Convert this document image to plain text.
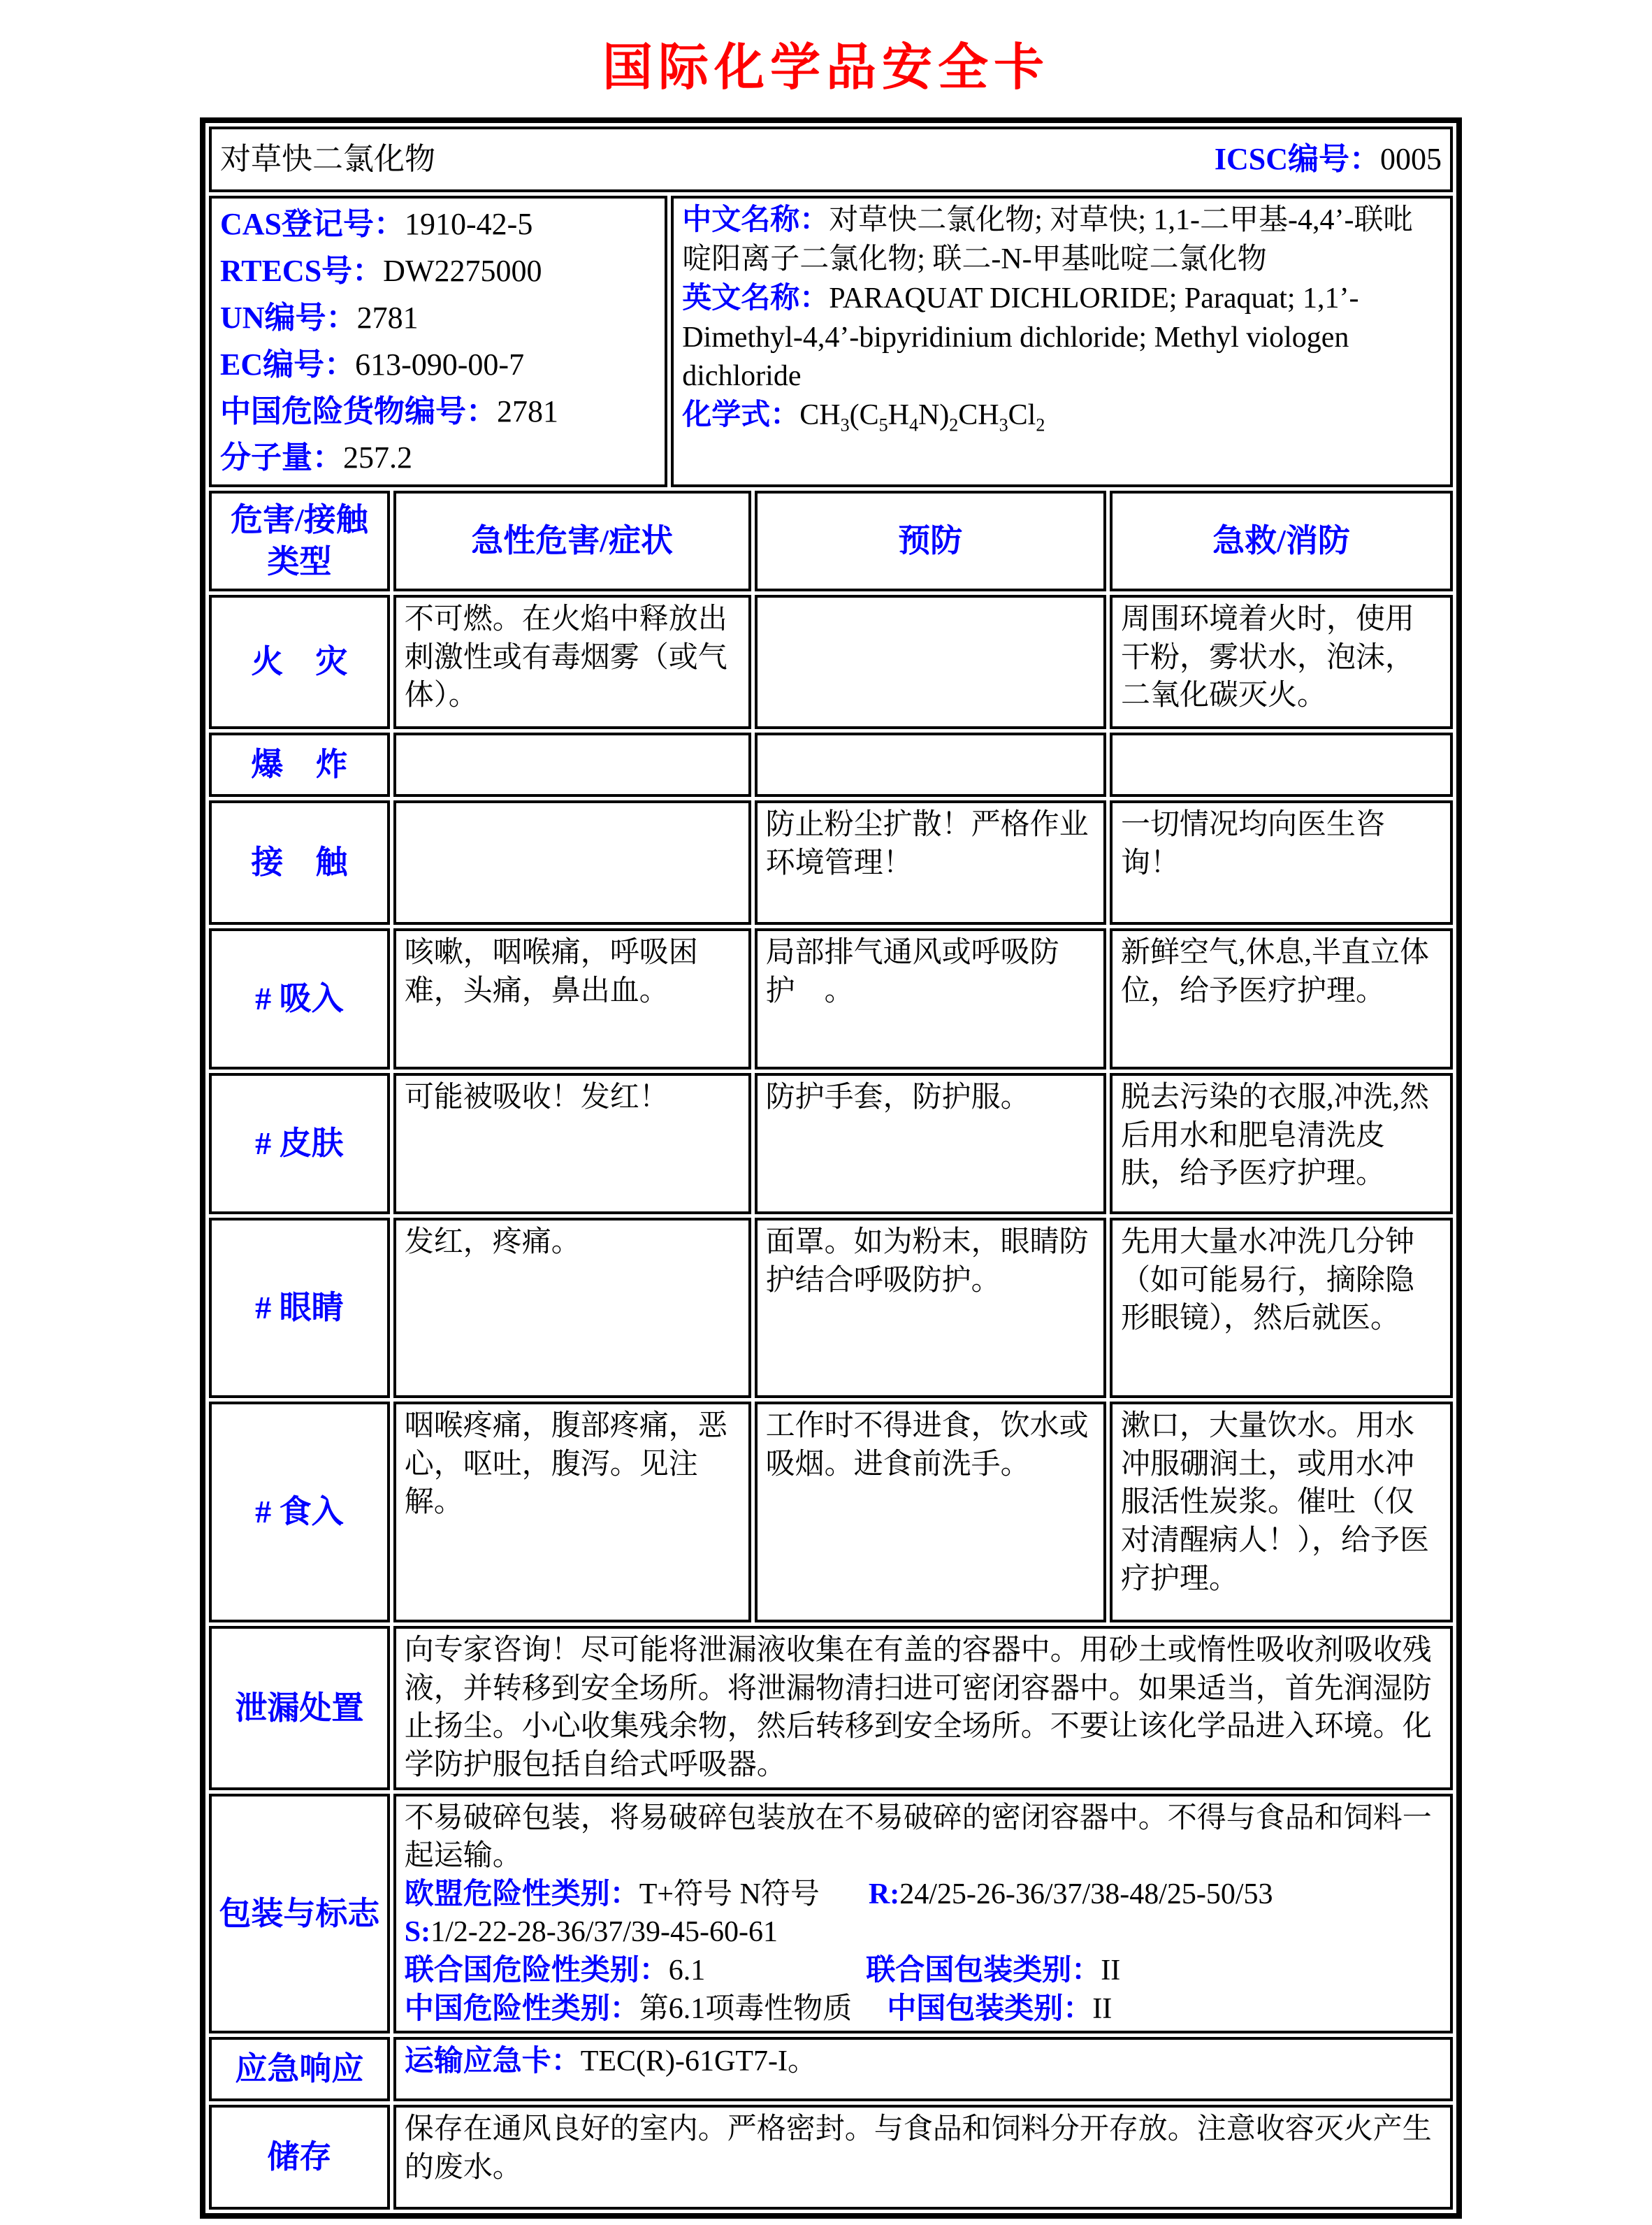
国际化学品安全卡
对草快二氯化物 ICSC编号：0005				

CAS登记号：1910-42-5
RTECS号：DW2275000
UN编号：2781
EC编号：613-090-00-7
中国危险货物编号：2781
分子量：257.2

中文名称：对草快二氯化物; 对草快; 1,1-二甲基-4,4’-联吡啶阳离子二氯化物; 联二-N-甲基吡啶二氯化物
英文名称：PARAQUAT DICHLORIDE; Paraquat; 1,1’-Dimethyl-4,4’-bipyridinium dichloride; Methyl viologen dichloride
化学式：$CH_3(C_5H_4N)_2CH_3Cl_2$

危害/接触
类型	急性危害/症状		预防	急救/消防
火　灾	不可燃。在火焰中释放出刺激性或有毒烟雾（或气体）。			周围环境着火时，使用干粉，雾状水，泡沫，二氧化碳灭火。
爆　炸				
接　触			防止粉尘扩散！严格作业环境管理！	一切情况均向医生咨询！
# 吸入	咳嗽，咽喉痛，呼吸困难，头痛，鼻出血。		局部排气通风或呼吸防护　。	新鲜空气,休息,半直立体位，给予医疗护理。
# 皮肤	可能被吸收！发红！		防护手套，防护服。	脱去污染的衣服,冲洗,然后用水和肥皂清洗皮肤，给予医疗护理。
# 眼睛	发红，疼痛。		面罩。如为粉末，眼睛防护结合呼吸防护。	先用大量水冲洗几分钟（如可能易行，摘除隐形眼镜），然后就医。
# 食入	咽喉疼痛，腹部疼痛，恶心，呕吐，腹泻。见注解。		工作时不得进食，饮水或吸烟。进食前洗手。	漱口，大量饮水。用水冲服硼润土，或用水冲服活性炭浆。催吐（仅对清醒病人！），给予医疗护理。
泄漏处置	向专家咨询！尽可能将泄漏液收集在有盖的容器中。用砂土或惰性吸收剂吸收残液，并转移到安全场所。将泄漏物清扫进可密闭容器中。如果适当，首先润湿防止扬尘。小心收集残余物，然后转移到安全场所。不要让该化学品进入环境。化学防护服包括自给式呼吸器。			
包装与标志	不易破碎包装，将易破碎包装放在不易破碎的密闭容器中。不得与食品和饲料一起运输。
欧盟危险性类别：T+符号 N符号 R:24/25-26-36/37/38-48/25-50/53
S:1/2-22-28-36/37/39-45-60-61
联合国危险性类别：6.1 联合国包装类别：II
中国危险性类别：第6.1项毒性物质 中国包装类别：II			

应急响应	运输应急卡：TEC(R)-61GT7-I。			
储存	保存在通风良好的室内。严格密封。与食品和饲料分开存放。注意收容灭火产生的废水。			
